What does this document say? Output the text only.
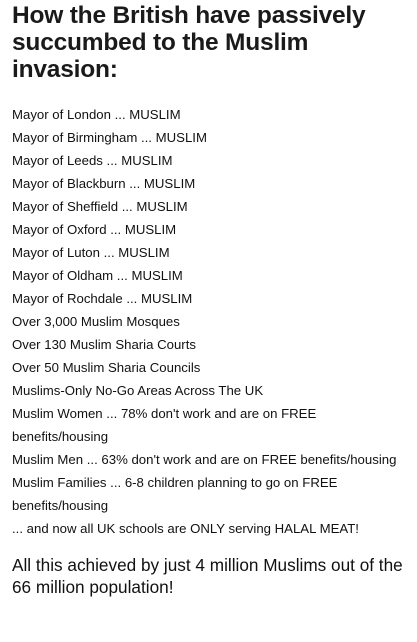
How the British have passively succumbed to the Muslim invasion:
Mayor of London ... MUSLIM
Mayor of Birmingham ... MUSLIM
Mayor of Leeds ... MUSLIM
Mayor of Blackburn ... MUSLIM
Mayor of Sheffield ... MUSLIM
Mayor of Oxford ... MUSLIM
Mayor of Luton ... MUSLIM
Mayor of Oldham ... MUSLIM
Mayor of Rochdale ... MUSLIM
Over 3,000 Muslim Mosques
Over 130 Muslim Sharia Courts
Over 50 Muslim Sharia Councils
Muslims-Only No-Go Areas Across The UK
Muslim Women ... 78% don't work and are on FREE benefits/housing
Muslim Men ... 63% don't work and are on FREE benefits/housing
Muslim Families ... 6-8 children planning to go on FREE benefits/housing
... and now all UK schools are ONLY serving HALAL MEAT!

All this achieved by just 4 million Muslims out of the 66 million population!
